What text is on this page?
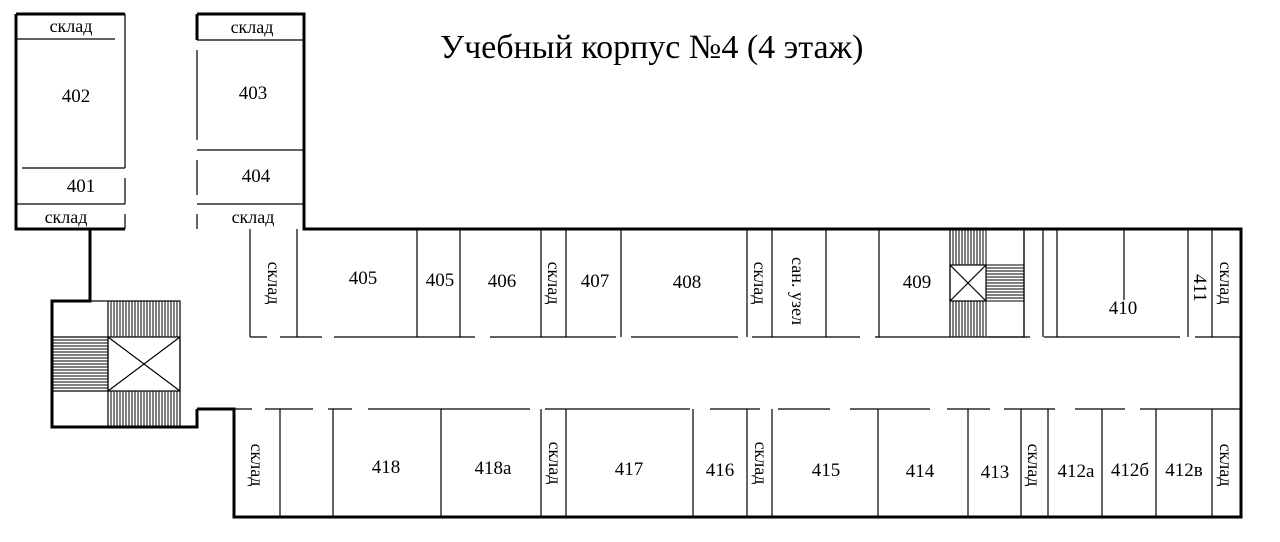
Учебный корпус №4 (4 этаж)
склад
402
401
склад
склад
403
404
склад
склад	405	405 406 склад 407	408	склад сан. узел	409
410
411 склад
склад	418	418а склад	417	416 склад 415	414 413 склад 412а 412б 412в склад
